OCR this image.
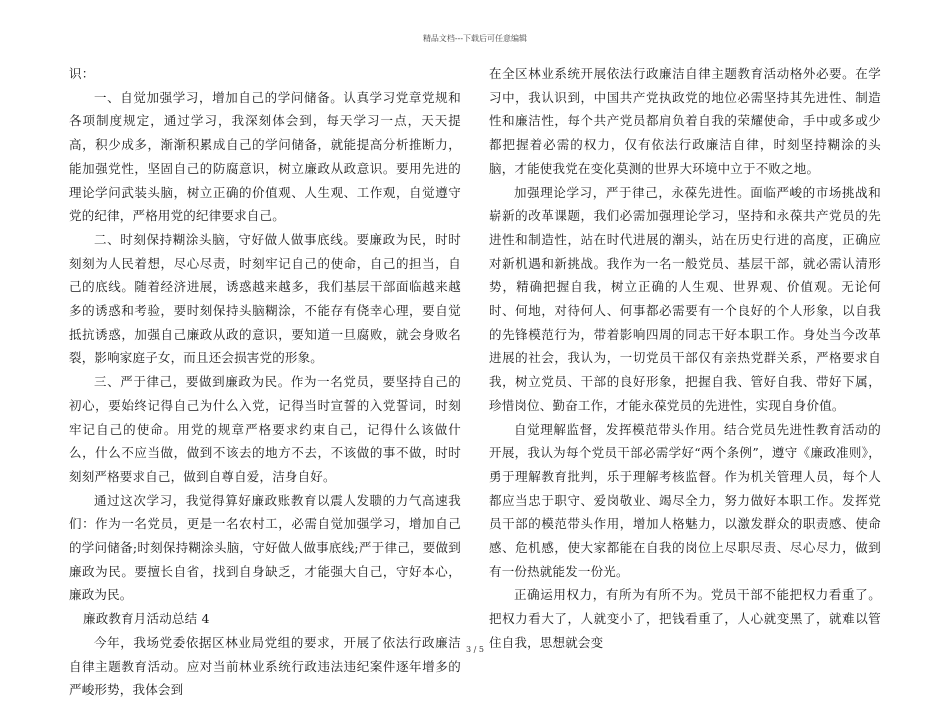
精品文档---下载后可任意编辑

识：

一、自觉加强学习，增加自己的学问储备。认真学习党章党规和各项制度规定，通过学习，我深刻体会到，每天学习一点，天天提高，积少成多，渐渐积累成自己的学问储备，就能提高分析推断力，能加强党性，坚固自己的防腐意识，树立廉政从政意识。要用先进的理论学问武装头脑，树立正确的价值观、人生观、工作观，自觉遵守党的纪律，严格用党的纪律要求自己。

二、时刻保持糊涂头脑，守好做人做事底线。要廉政为民，时时刻刻为人民着想，尽心尽责，时刻牢记自己的使命，自己的担当，自己的底线。随着经济进展，诱惑越来越多，我们基层干部面临越来越多的诱惑和考验，要时刻保持头脑糊涂，不能存有侥幸心理，要自觉抵抗诱惑，加强自己廉政从政的意识，要知道一旦腐败，就会身败名裂，影响家庭子女，而且还会损害党的形象。

三、严于律己，要做到廉政为民。作为一名党员，要坚持自己的初心，要始终记得自己为什么入党，记得当时宣誓的入党誓词，时刻牢记自己的使命。用党的规章严格要求约束自己，记得什么该做什么，什么不应当做，做到不该去的地方不去，不该做的事不做，时时刻刻严格要求自己，做到自尊自爱，洁身自好。

通过这次学习，我觉得算好廉政账教育以震人发聩的力气高速我们：作为一名党员，更是一名农村工，必需自觉加强学习，增加自己的学问储备;时刻保持糊涂头脑，守好做人做事底线;严于律己，要做到廉政为民。要擅长自省，找到自身缺乏，才能强大自己，守好本心，廉政为民。

廉政教育月活动总结 4

今年，我场党委依据区林业局党组的要求，开展了依法行政廉洁自律主题教育活动。应对当前林业系统行政违法违纪案件逐年增多的严峻形势，我体会到

在全区林业系统开展依法行政廉洁自律主题教育活动格外必要。在学习中，我认识到，中国共产党执政党的地位必需坚持其先进性、制造性和廉洁性，每个共产党员都肩负着自我的荣耀使命，手中或多或少都把握着必需的权力，仅有依法行政廉洁自律，时刻坚持糊涂的头脑，才能使我党在变化莫测的世界大环境中立于不败之地。

加强理论学习，严于律己，永葆先进性。面临严峻的市场挑战和崭新的改革课题，我们必需加强理论学习，坚持和永葆共产党员的先进性和制造性，站在时代进展的潮头，站在历史行进的高度，正确应对新机遇和新挑战。我作为一名一般党员、基层干部，就必需认清形势，精确把握自我，树立正确的人生观、世界观、价值观。无论何时、何地，对待何人、何事都必需要有一个良好的个人形象，以自我的先锋模范行为，带着影响四周的同志干好本职工作。身处当今改革进展的社会，我认为，一切党员干部仅有亲热党群关系，严格要求自我，树立党员、干部的良好形象，把握自我、管好自我、带好下属，珍惜岗位、勤奋工作，才能永葆党员的先进性，实现自身价值。

自觉理解监督，发挥模范带头作用。结合党员先进性教育活动的开展，我认为每个党员干部必需学好“两个条例”，遵守《廉政准则》，勇于理解教育批判，乐于理解考核监督。作为机关管理人员，每个人都应当忠于职守、爱岗敬业、竭尽全力，努力做好本职工作。发挥党员干部的模范带头作用，增加人格魅力，以激发群众的职责感、使命感、危机感，使大家都能在自我的岗位上尽职尽责、尽心尽力，做到有一份热就能发一份光。

正确运用权力，有所为有所不为。党员干部不能把权力看重了。把权力看大了，人就变小了，把钱看重了，人心就变黑了，就难以管住自我，思想就会变

3 / 5
